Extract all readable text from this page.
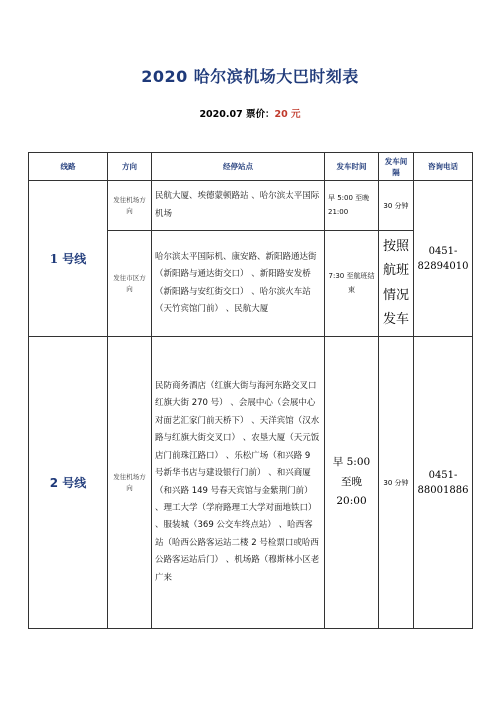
2020 哈尔滨机场大巴时刻表
2020.07 票价：20 元
线路	方向	经停站点	发车时间	发车间隔	咨询电话
1 号线	发往机场方向	民航大厦、埃德蒙顿路站 、哈尔滨太平国际机场	早 5:00 至晚 21:00	30 分钟	0451-82894010
	发往市区方向	哈尔滨太平国际机、康安路、新阳路通达街（新阳路与通达街交口） 、新阳路安发桥（新阳路与安红街交口） 、哈尔滨火车站（天竹宾馆门前） 、民航大厦	7:30 至航班结束	按照航班情况发车	
2 号线	发往机场方向	民防商务酒店（红旗大街与海河东路交叉口红旗大街 270 号） 、会展中心（会展中心对面艺汇家门前天桥下） 、天洋宾馆（汉水路与红旗大街交叉口） 、农垦大厦（天元饭店门前珠江路口） 、乐松广场（和兴路 9 号新华书店与建设银行门前） 、和兴商厦（和兴路 149 号春天宾馆与金紫荆门前） 、理工大学（学府路理工大学对面地铁口） 、服装城（369 公交车终点站） 、哈西客站（哈西公路客运站二楼 2 号检票口或哈西公路客运站后门） 、机场路（穆斯林小区老广来	早 5:00 至晚 20:00	30 分钟	0451-88001886
